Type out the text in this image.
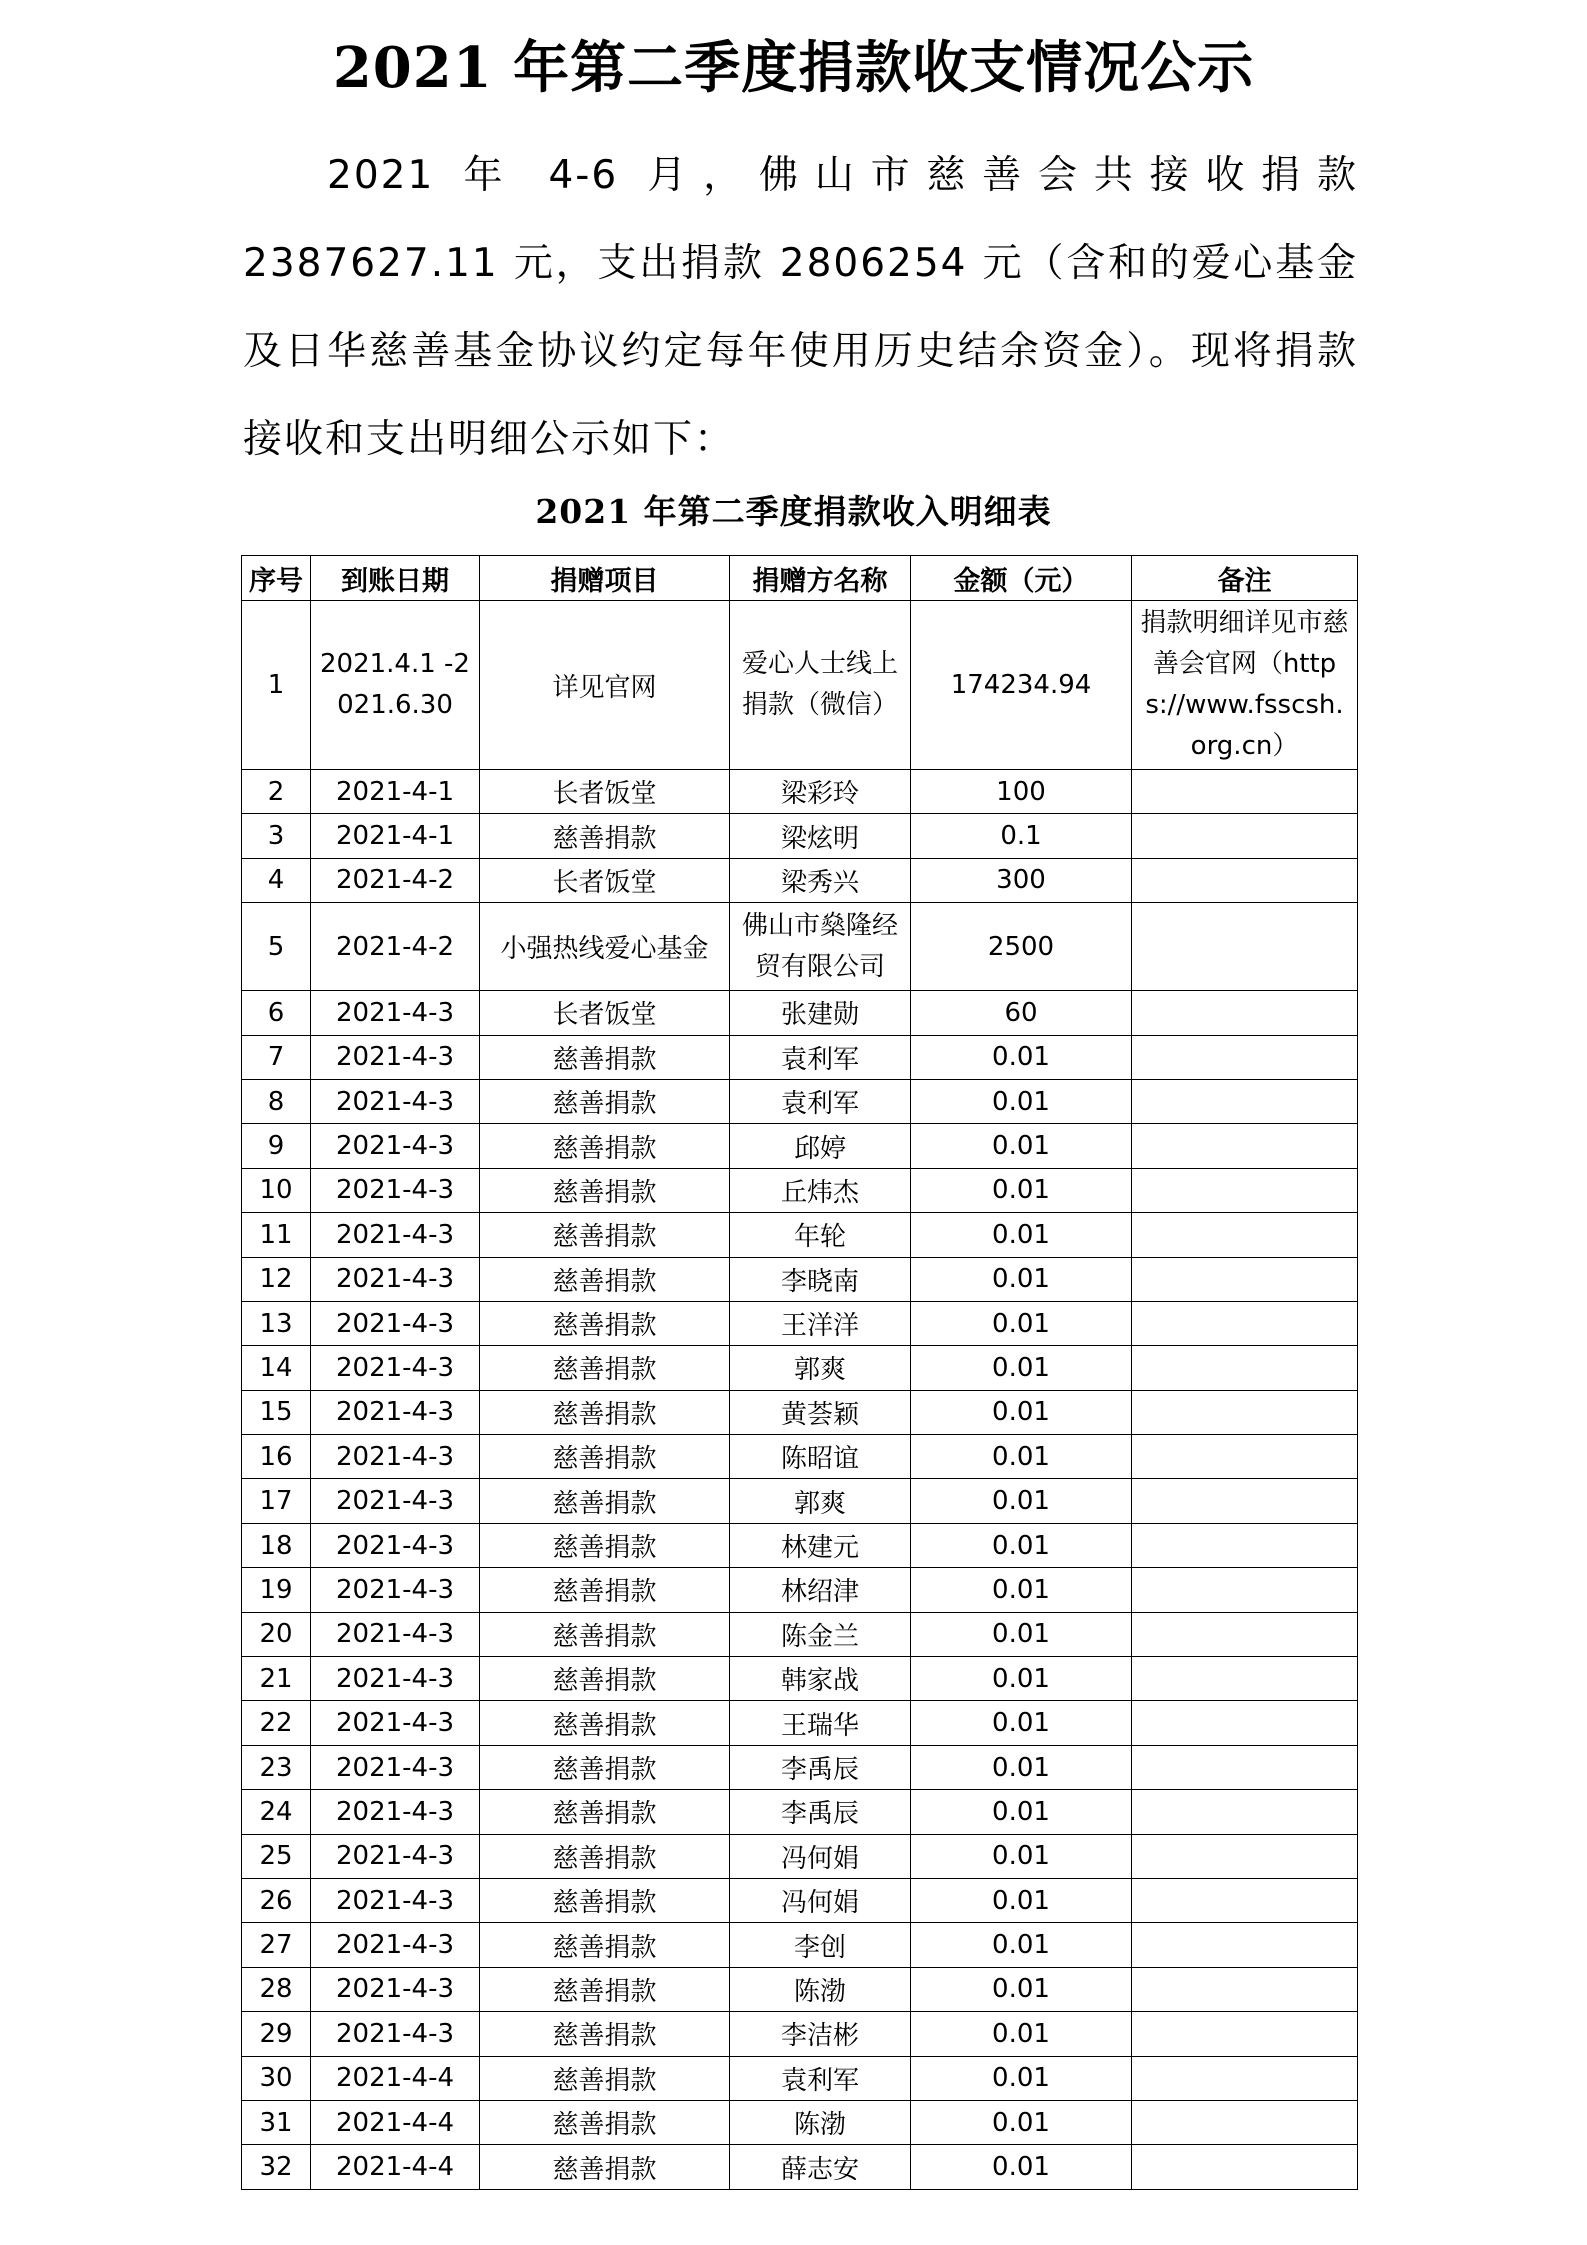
2021 年第二季度捐款收支情况公示

2021 年 4-6 月，佛山市慈善会共接收捐款 2387627.11 元，支出捐款 2806254 元（含和的爱心基金及日华慈善基金协议约定每年使用历史结余资金）。现将捐款接收和支出明细公示如下：

2021 年第二季度捐款收入明细表
序号	到账日期	捐赠项目	捐赠方名称	金额（元）	备注
1	2021.4.1 -2021.6.30	详见官网	爱心人士线上捐款（微信）	174234.94	捐款明细详见市慈善会官网（https://www.fsscsh.org.cn）
2	2021-4-1	长者饭堂	梁彩玲	100	
3	2021-4-1	慈善捐款	梁炫明	0.1	
4	2021-4-2	长者饭堂	梁秀兴	300	
5	2021-4-2	小强热线爱心基金	佛山市燊隆经贸有限公司	2500	
6	2021-4-3	长者饭堂	张建勋	60	
7	2021-4-3	慈善捐款	袁利军	0.01	
8	2021-4-3	慈善捐款	袁利军	0.01	
9	2021-4-3	慈善捐款	邱婷	0.01	
10	2021-4-3	慈善捐款	丘炜杰	0.01	
11	2021-4-3	慈善捐款	年轮	0.01	
12	2021-4-3	慈善捐款	李晓南	0.01	
13	2021-4-3	慈善捐款	王洋洋	0.01	
14	2021-4-3	慈善捐款	郭爽	0.01	
15	2021-4-3	慈善捐款	黄荟颖	0.01	
16	2021-4-3	慈善捐款	陈昭谊	0.01	
17	2021-4-3	慈善捐款	郭爽	0.01	
18	2021-4-3	慈善捐款	林建元	0.01	
19	2021-4-3	慈善捐款	林绍津	0.01	
20	2021-4-3	慈善捐款	陈金兰	0.01	
21	2021-4-3	慈善捐款	韩家战	0.01	
22	2021-4-3	慈善捐款	王瑞华	0.01	
23	2021-4-3	慈善捐款	李禹辰	0.01	
24	2021-4-3	慈善捐款	李禹辰	0.01	
25	2021-4-3	慈善捐款	冯何娟	0.01	
26	2021-4-3	慈善捐款	冯何娟	0.01	
27	2021-4-3	慈善捐款	李创	0.01	
28	2021-4-3	慈善捐款	陈渤	0.01	
29	2021-4-3	慈善捐款	李洁彬	0.01	
30	2021-4-4	慈善捐款	袁利军	0.01	
31	2021-4-4	慈善捐款	陈渤	0.01	
32	2021-4-4	慈善捐款	薛志安	0.01	
